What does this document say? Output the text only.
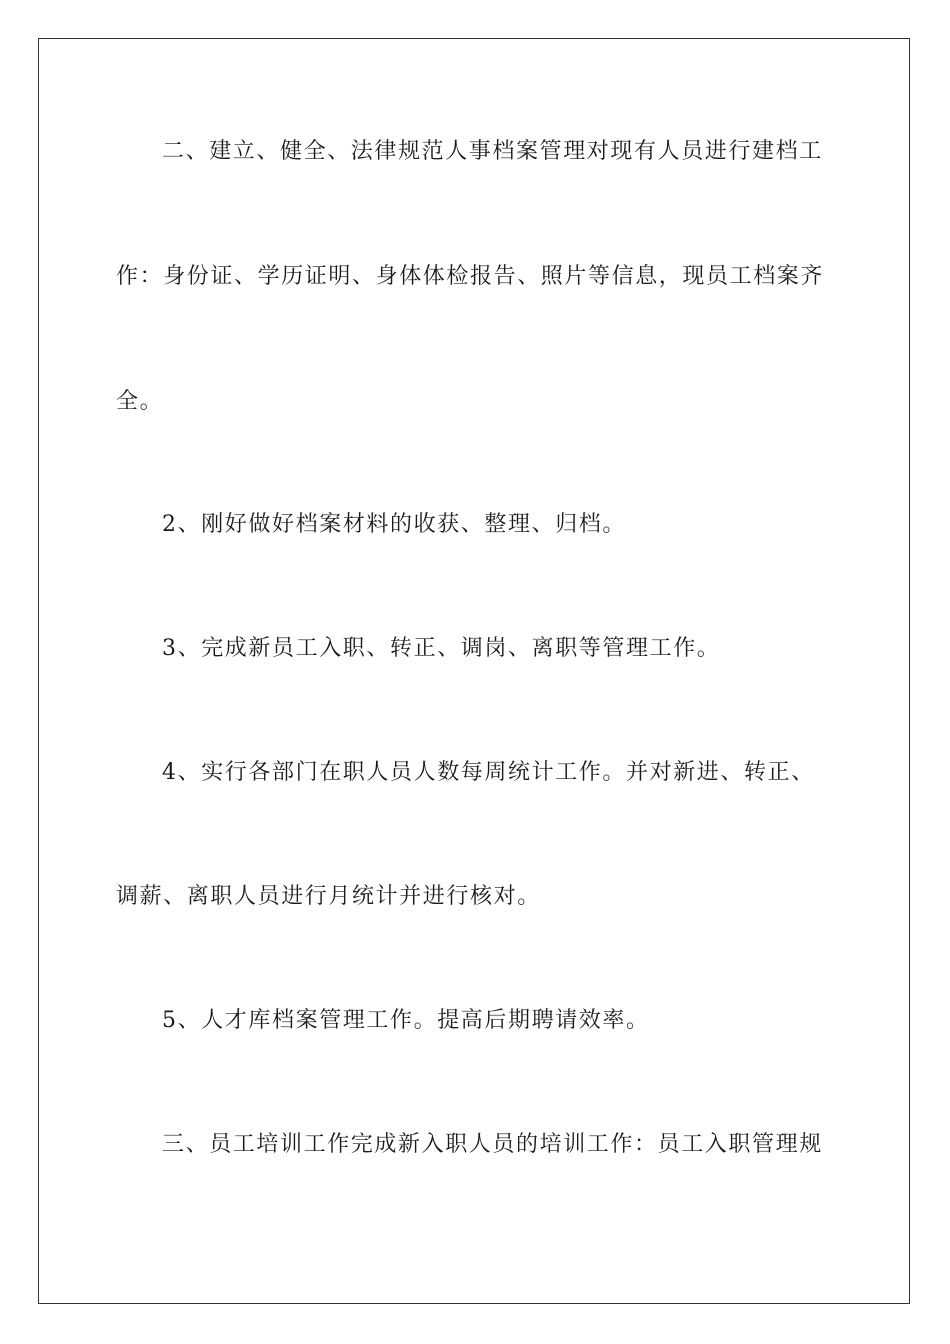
二、建立、健全、法律规范人事档案管理对现有人员进行建档工

作：身份证、学历证明、身体体检报告、照片等信息，现员工档案齐

全。

2、刚好做好档案材料的收获、整理、归档。

3、完成新员工入职、转正、调岗、离职等管理工作。

4、实行各部门在职人员人数每周统计工作。并对新进、转正、

调薪、离职人员进行月统计并进行核对。

5、人才库档案管理工作。提高后期聘请效率。

三、员工培训工作完成新入职人员的培训工作：员工入职管理规
